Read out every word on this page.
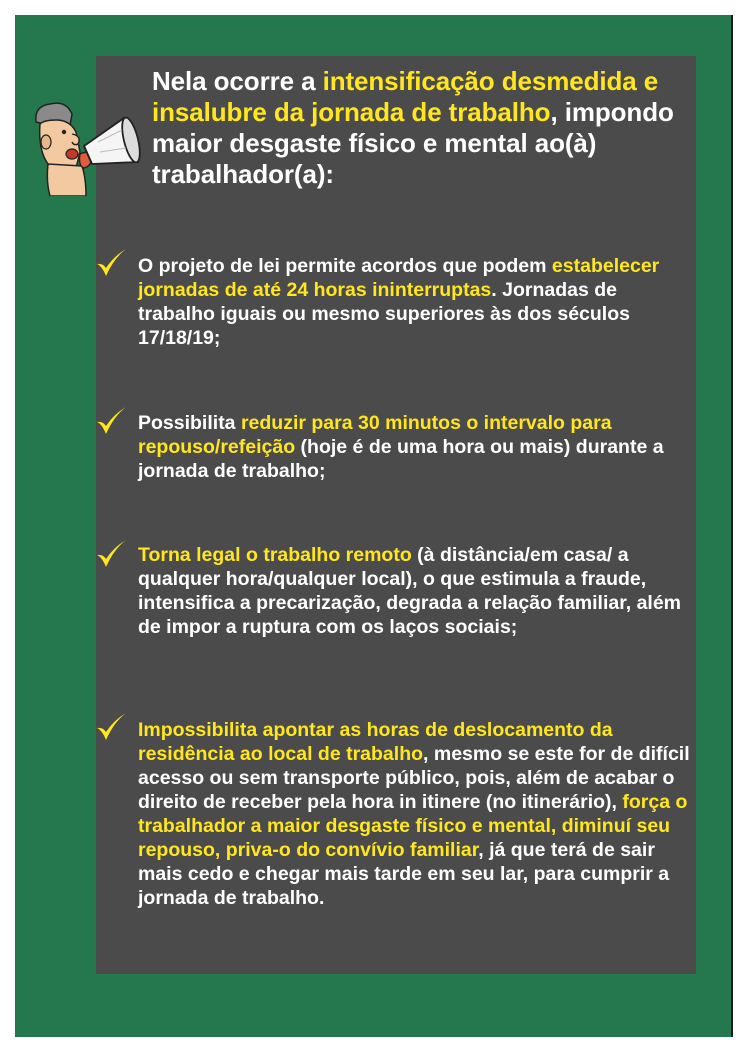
Nela ocorre a intensificação desmedida e insalubre da jornada de trabalho, impondo maior desgaste físico e mental ao(à) trabalhador(a):

O projeto de lei permite acordos que podem estabelecer jornadas de até 24 horas ininterruptas. Jornadas de trabalho iguais ou mesmo superiores às dos séculos 17/18/19;

Possibilita reduzir para 30 minutos o intervalo para repouso/refeição (hoje é de uma hora ou mais) durante a jornada de trabalho;

Torna legal o trabalho remoto (à distância/em casa/ a qualquer hora/qualquer local), o que estimula a fraude, intensifica a precarização, degrada a relação familiar, além de impor a ruptura com os laços sociais;

Impossibilita apontar as horas de deslocamento da residência ao local de trabalho, mesmo se este for de difícil acesso ou sem transporte público, pois, além de acabar o direito de receber pela hora in itinere (no itinerário), força o trabalhador a maior desgaste físico e mental, diminuí seu repouso, priva-o do convívio familiar, já que terá de sair mais cedo e chegar mais tarde em seu lar, para cumprir a jornada de trabalho.
